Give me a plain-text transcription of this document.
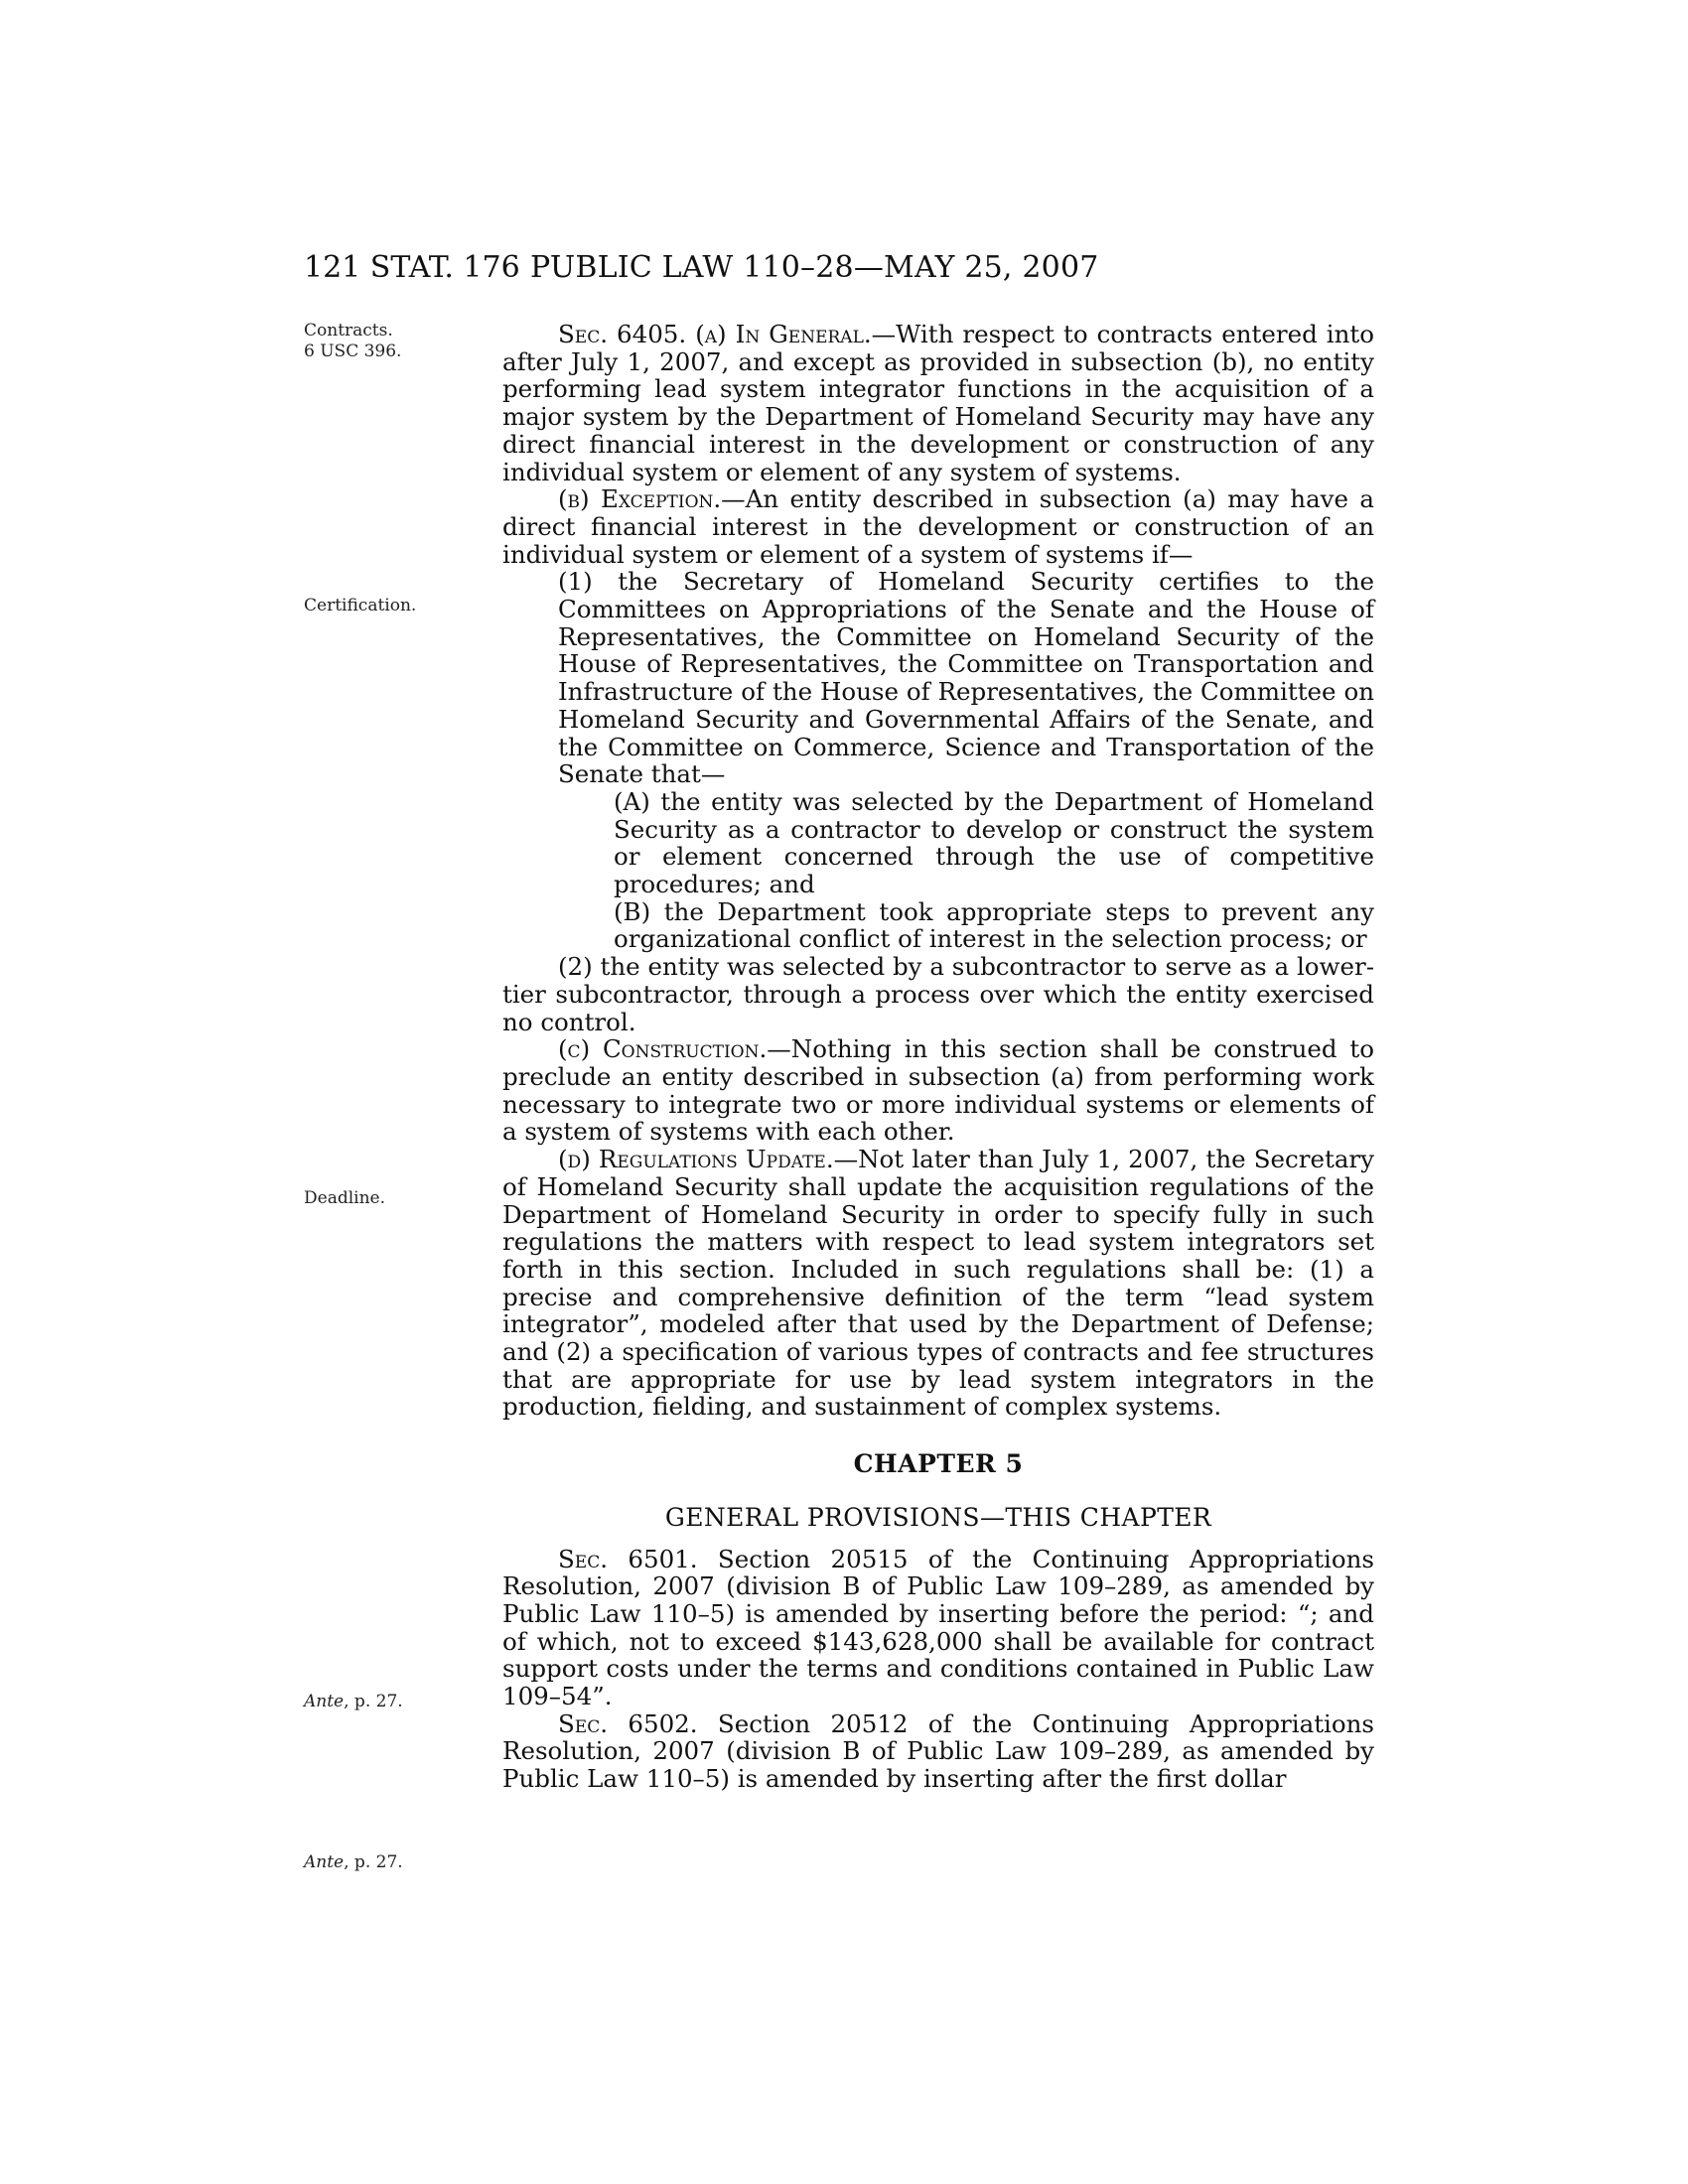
121 STAT. 176 PUBLIC LAW 110–28—MAY 25, 2007
Contracts.
6 USC 396.
Certification.
Deadline.
Ante, p. 27.
Ante, p. 27.

Sec. 6405. (a) In General.—With respect to contracts entered into after July 1, 2007, and except as provided in subsection (b), no entity performing lead system integrator functions in the acquisition of a major system by the Department of Homeland Security may have any direct financial interest in the development or construction of any individual system or element of any system of systems.

(b) Exception.—An entity described in subsection (a) may have a direct financial interest in the development or construction of an individual system or element of a system of systems if—

(1) the Secretary of Homeland Security certifies to the Committees on Appropriations of the Senate and the House of Representatives, the Committee on Homeland Security of the House of Representatives, the Committee on Transportation and Infrastructure of the House of Representatives, the Committee on Homeland Security and Governmental Affairs of the Senate, and the Committee on Commerce, Science and Transportation of the Senate that—

(A) the entity was selected by the Department of Homeland Security as a contractor to develop or construct the system or element concerned through the use of competitive procedures; and

(B) the Department took appropriate steps to prevent any organizational conflict of interest in the selection process; or

(2) the entity was selected by a subcontractor to serve as a lower-tier subcontractor, through a process over which the entity exercised no control.

(c) Construction.—Nothing in this section shall be construed to preclude an entity described in subsection (a) from performing work necessary to integrate two or more individual systems or elements of a system of systems with each other.

(d) Regulations Update.—Not later than July 1, 2007, the Secretary of Homeland Security shall update the acquisition regulations of the Department of Homeland Security in order to specify fully in such regulations the matters with respect to lead system integrators set forth in this section. Included in such regulations shall be: (1) a precise and comprehensive definition of the term “lead system integrator”, modeled after that used by the Department of Defense; and (2) a specification of various types of contracts and fee structures that are appropriate for use by lead system integrators in the production, fielding, and sustainment of complex systems.

CHAPTER 5
GENERAL PROVISIONS—THIS CHAPTER

Sec. 6501. Section 20515 of the Continuing Appropriations Resolution, 2007 (division B of Public Law 109–289, as amended by Public Law 110–5) is amended by inserting before the period: “; and of which, not to exceed $143,628,000 shall be available for contract support costs under the terms and conditions contained in Public Law 109–54”.

Sec. 6502. Section 20512 of the Continuing Appropriations Resolution, 2007 (division B of Public Law 109–289, as amended by Public Law 110–5) is amended by inserting after the first dollar
